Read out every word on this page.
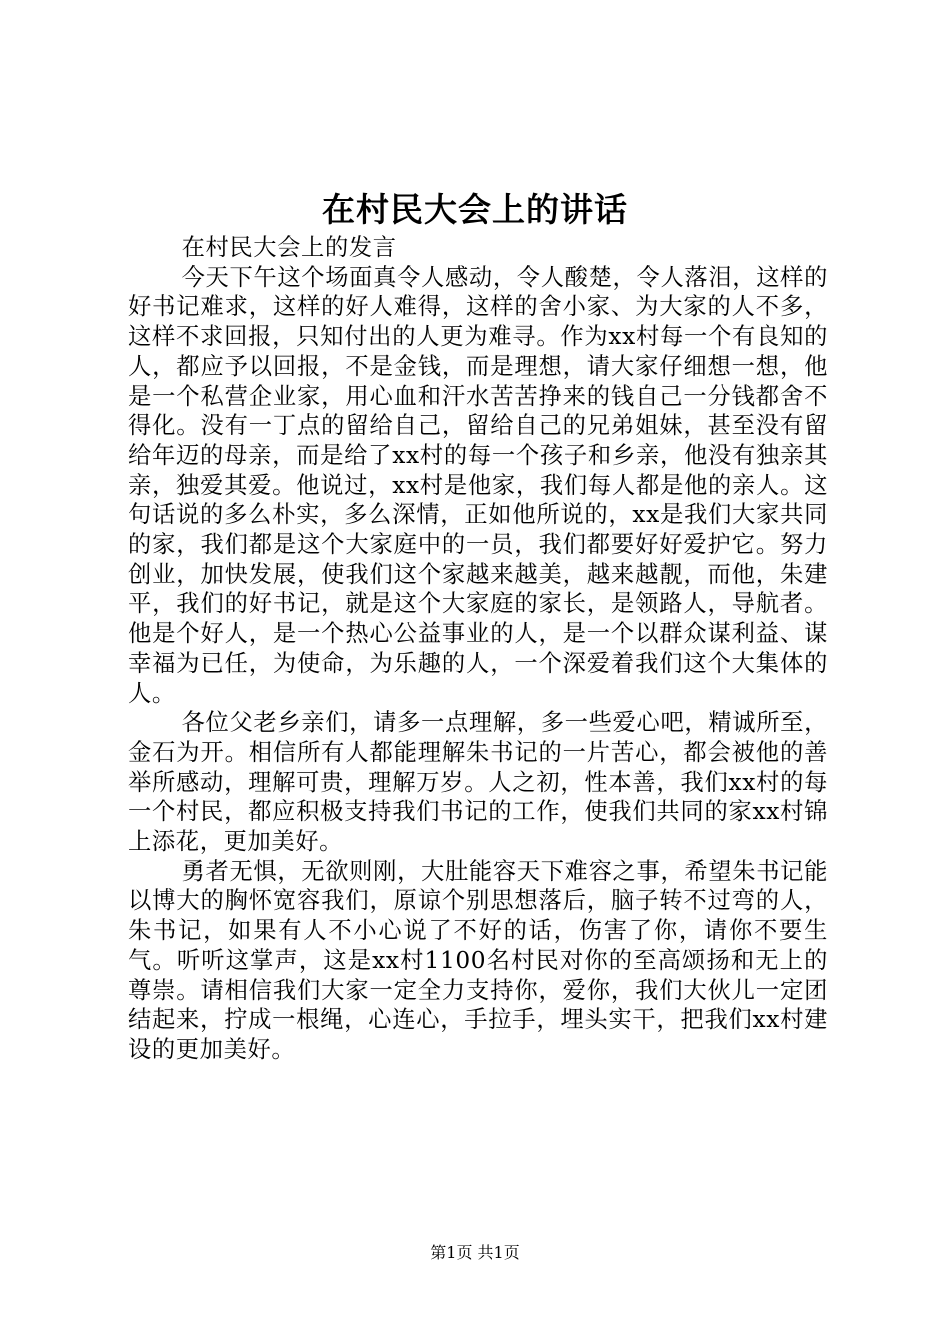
在村民大会上的讲话

在村民大会上的发言

今天下午这个场面真令人感动，令人酸楚，令人落泪，这样的好书记难求，这样的好人难得，这样的舍小家、为大家的人不多，这样不求回报，只知付出的人更为难寻。作为xx村每一个有良知的人，都应予以回报，不是金钱，而是理想，请大家仔细想一想，他是一个私营企业家，用心血和汗水苦苦挣来的钱自己一分钱都舍不得化。没有一丁点的留给自己，留给自己的兄弟姐妹，甚至没有留给年迈的母亲，而是给了xx村的每一个孩子和乡亲，他没有独亲其亲，独爱其爱。他说过，xx村是他家，我们每人都是他的亲人。这句话说的多么朴实，多么深情，正如他所说的，xx是我们大家共同的家，我们都是这个大家庭中的一员，我们都要好好爱护它。努力创业，加快发展，使我们这个家越来越美，越来越靓，而他，朱建平，我们的好书记，就是这个大家庭的家长，是领路人，导航者。他是个好人，是一个热心公益事业的人，是一个以群众谋利益、谋幸福为已任，为使命，为乐趣的人，一个深爱着我们这个大集体的人。

各位父老乡亲们，请多一点理解，多一些爱心吧，精诚所至，金石为开。相信所有人都能理解朱书记的一片苦心，都会被他的善举所感动，理解可贵，理解万岁。人之初，性本善，我们xx村的每一个村民，都应积极支持我们书记的工作，使我们共同的家xx村锦上添花，更加美好。

勇者无惧，无欲则刚，大肚能容天下难容之事，希望朱书记能以博大的胸怀宽容我们，原谅个别思想落后，脑子转不过弯的人，朱书记，如果有人不小心说了不好的话，伤害了你，请你不要生气。听听这掌声，这是xx村1100名村民对你的至高颂扬和无上的尊崇。请相信我们大家一定全力支持你，爱你，我们大伙儿一定团结起来，拧成一根绳，心连心，手拉手，埋头实干，把我们xx村建设的更加美好。

第1页 共1页
